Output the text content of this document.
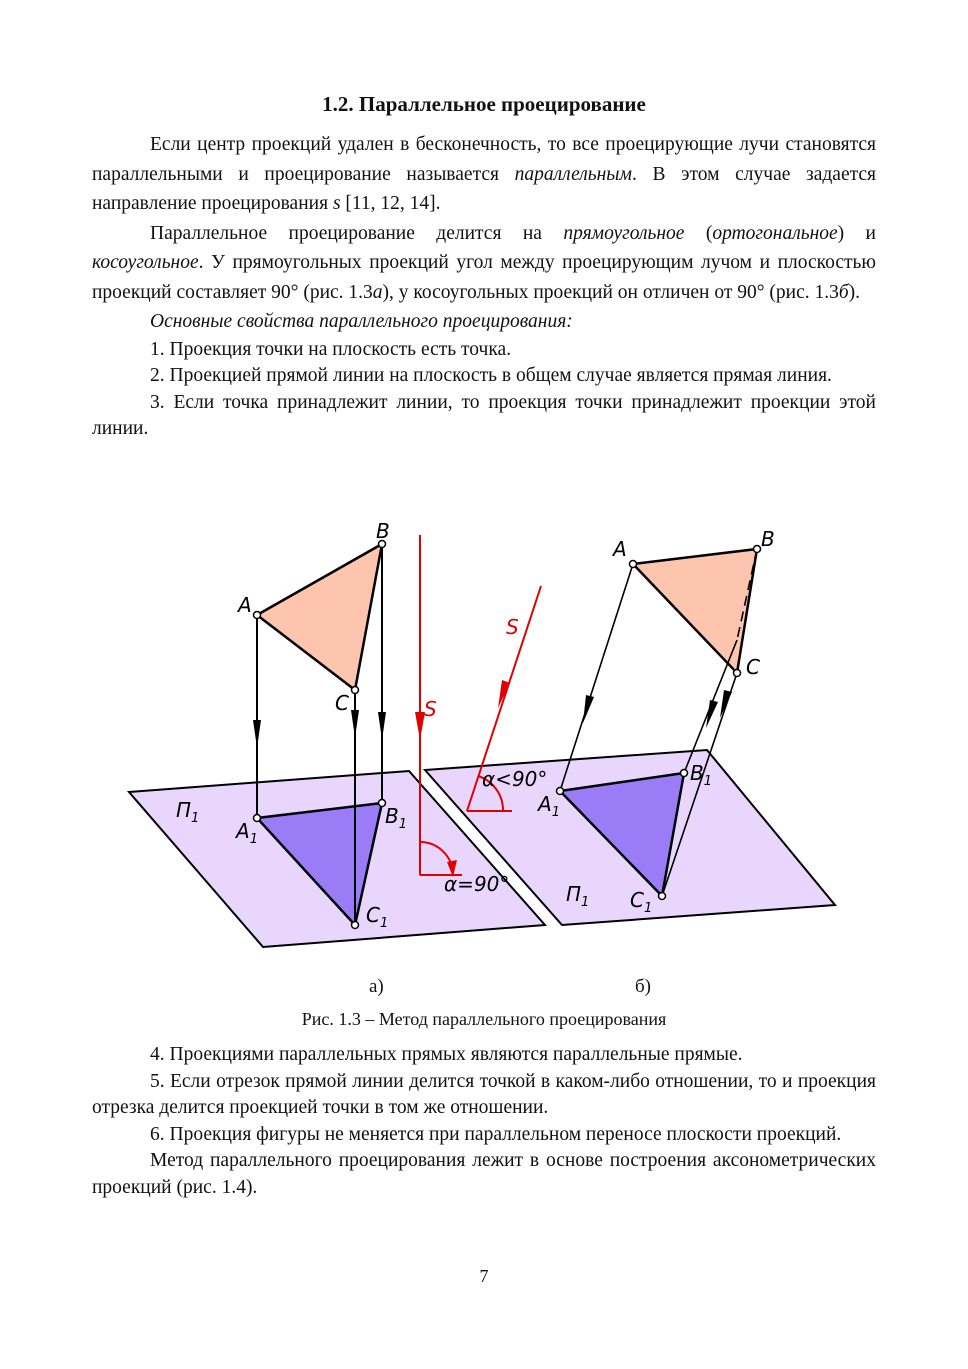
1.2. Параллельное проецирование

Если центр проекций удален в бесконечность, то все проецирующие лучи становятся параллельными и проецирование называется параллельным. В этом случае задается направление проецирования s [11, 12, 14].

Параллельное проецирование делится на прямоугольное (ортогональное) и косоугольное. У прямоугольных проекций угол между проецирующим лучом и плоскостью проекций составляет 90° (рис. 1.3а), у косоугольных проекций он отличен от 90° (рис. 1.3б).

Основные свойства параллельного проецирования:

1. Проекция точки на плоскость есть точка.

2. Проекцией прямой линии на плоскость в общем случае является прямая линия.

3. Если точка принадлежит линии, то проекция точки принадлежит проекции этой линии.

A
B
C
$A_1$
$B_1$
$C_1$
$П_1$
S
α=90°
A	B
C
$A_1$
$B_1$
$C_1$
$П_1$
S
α<90°
а)	б)
Рис. 1.3 – Метод параллельного проецирования

4. Проекциями параллельных прямых являются параллельные прямые.

5. Если отрезок прямой линии делится точкой в каком-либо отношении, то и проекция отрезка делится проекцией точки в том же отношении.

6. Проекция фигуры не меняется при параллельном переносе плоскости проекций.

Метод параллельного проецирования лежит в основе построения аксонометрических проекций (рис. 1.4).

7
